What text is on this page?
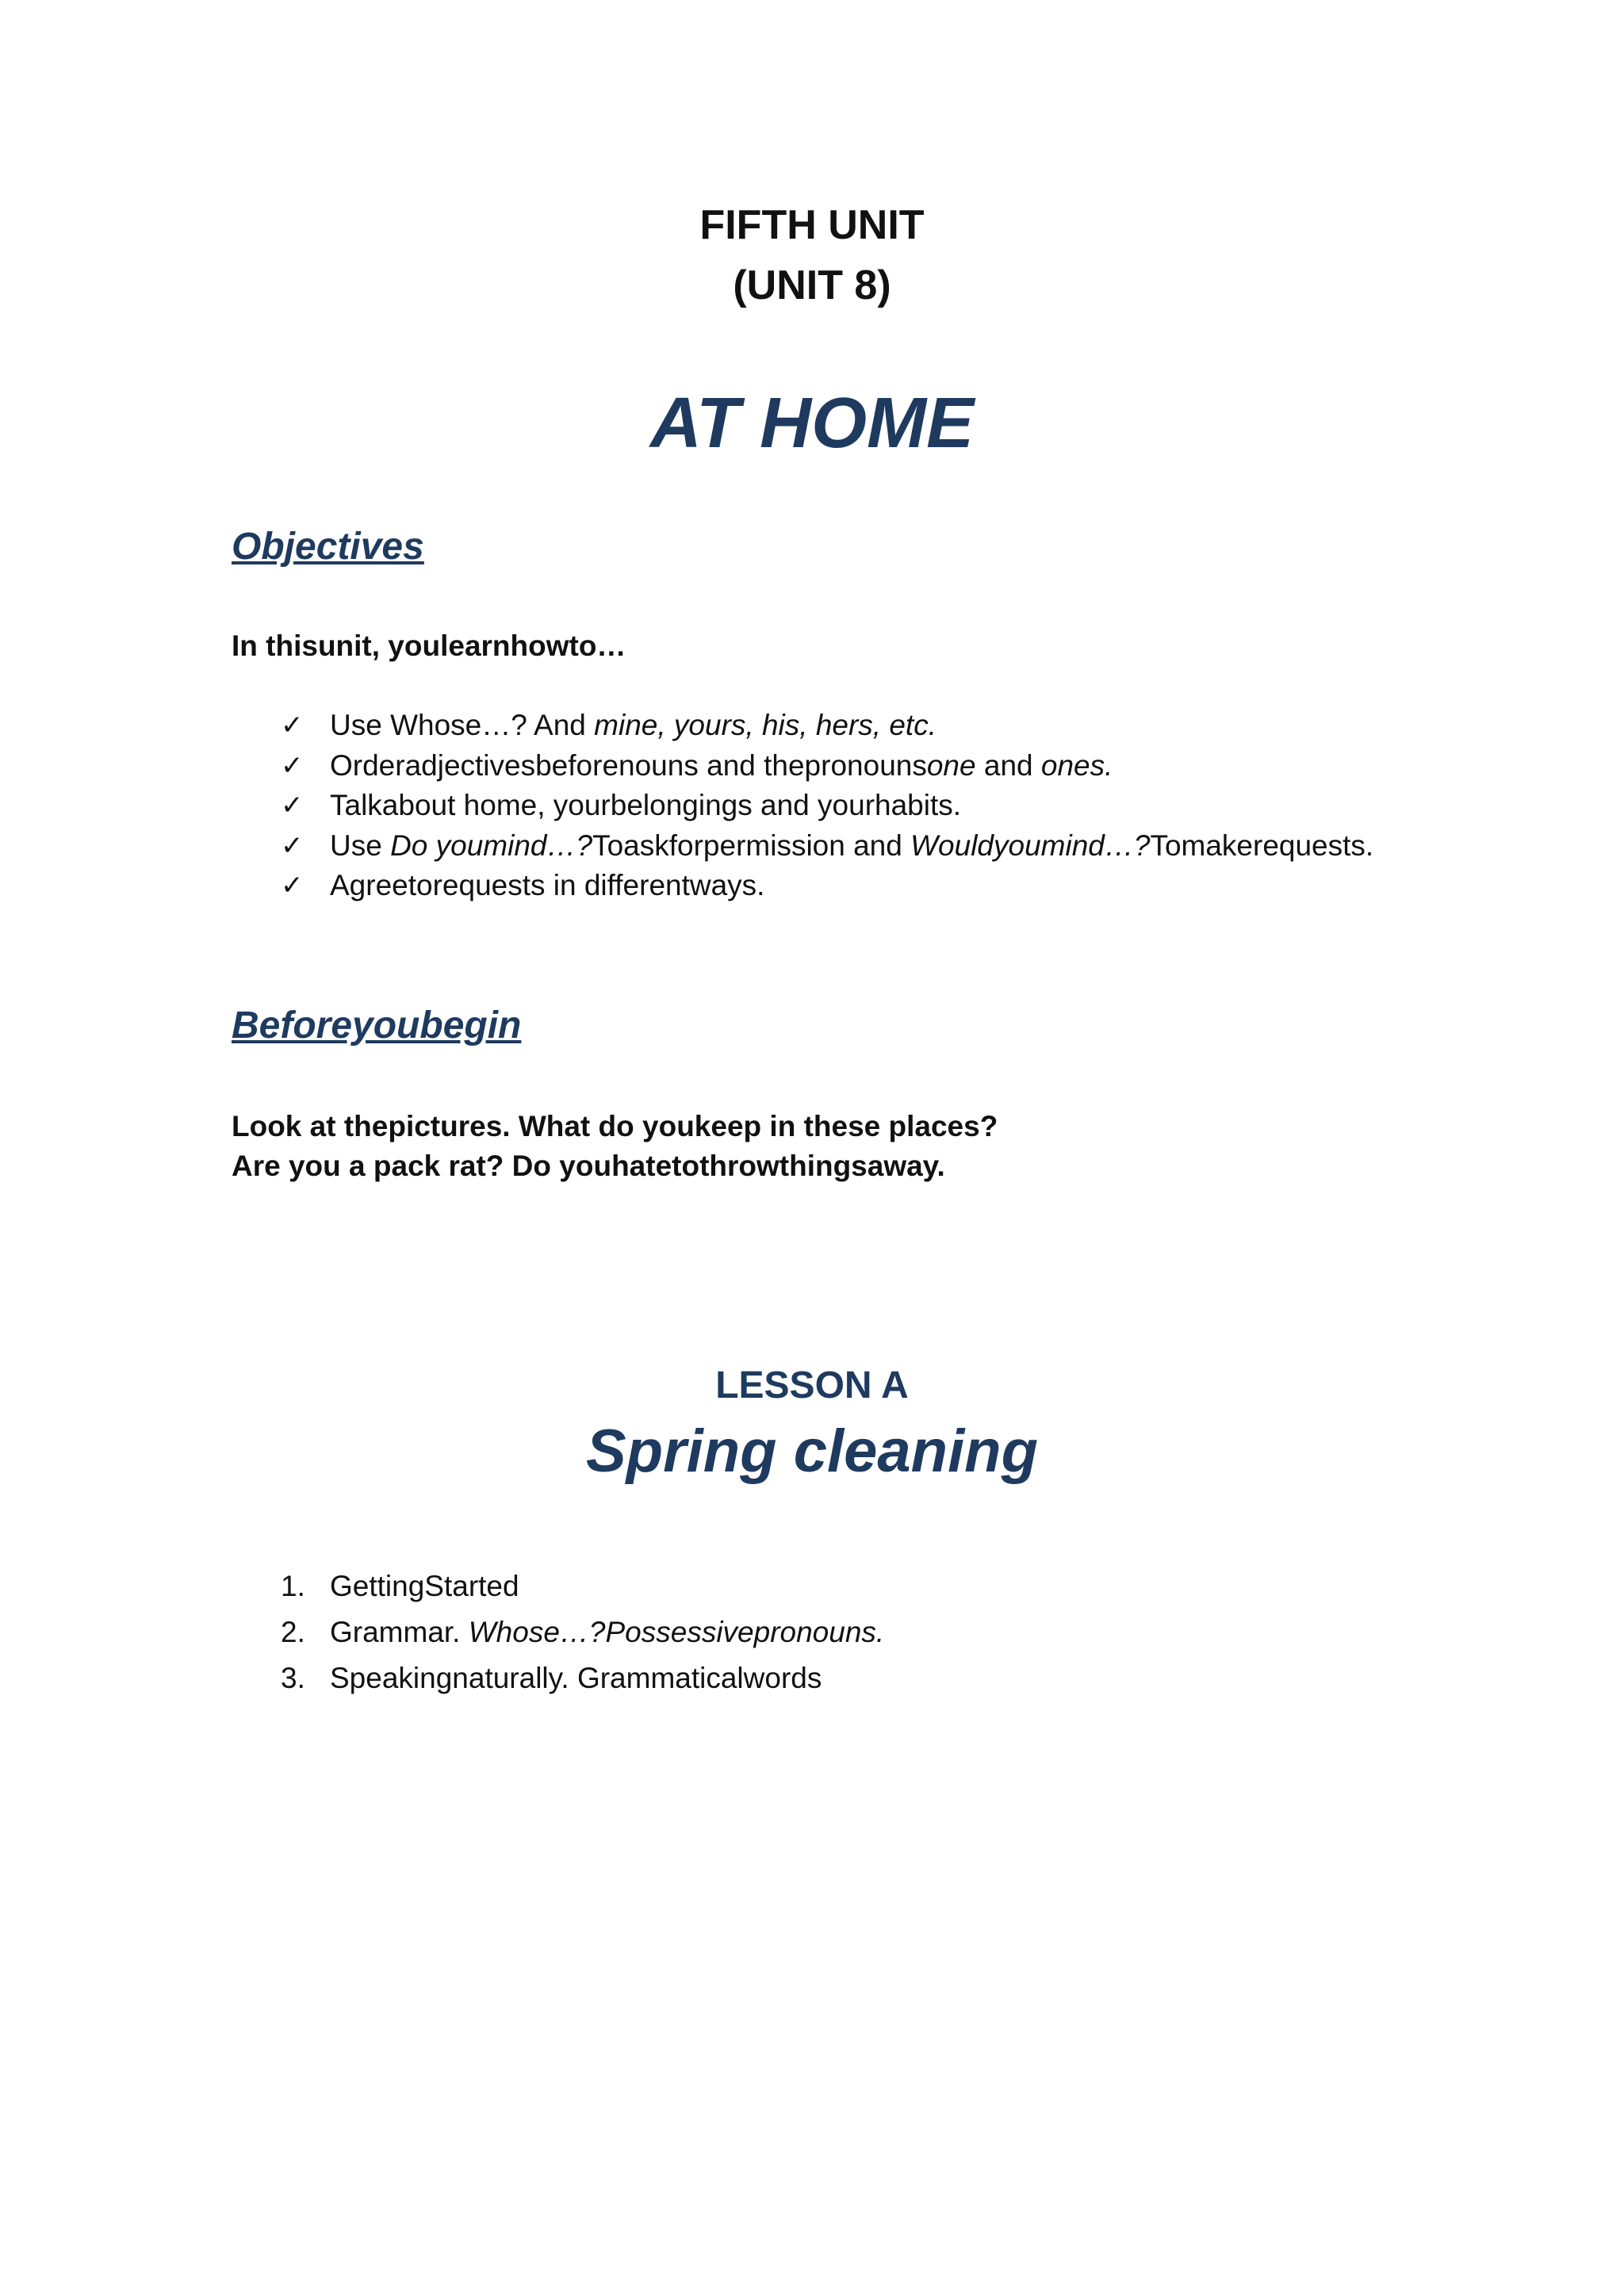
FIFTH UNIT
(UNIT 8)
AT HOME
Objectives
In thisunit, youlearnhowto…
✓ Use Whose…? And mine, yours, his, hers, etc.
✓ Orderadjectivesbeforenouns and thepronounsone and ones.
✓ Talkabout home, yourbelongings and yourhabits.
✓ Use Do youmind…?Toaskforpermission and Wouldyoumind…?Tomakerequests.
✓ Agreetorequests in differentways.
Beforeyoubegin
Look at thepictures. What do youkeep in these places?
Are you a pack rat? Do youhatetothrowthingsaway.
LESSON A
Spring cleaning
1. GettingStarted
2. Grammar. Whose…?Possessivepronouns.
3. Speakingnaturally. Grammaticalwords
